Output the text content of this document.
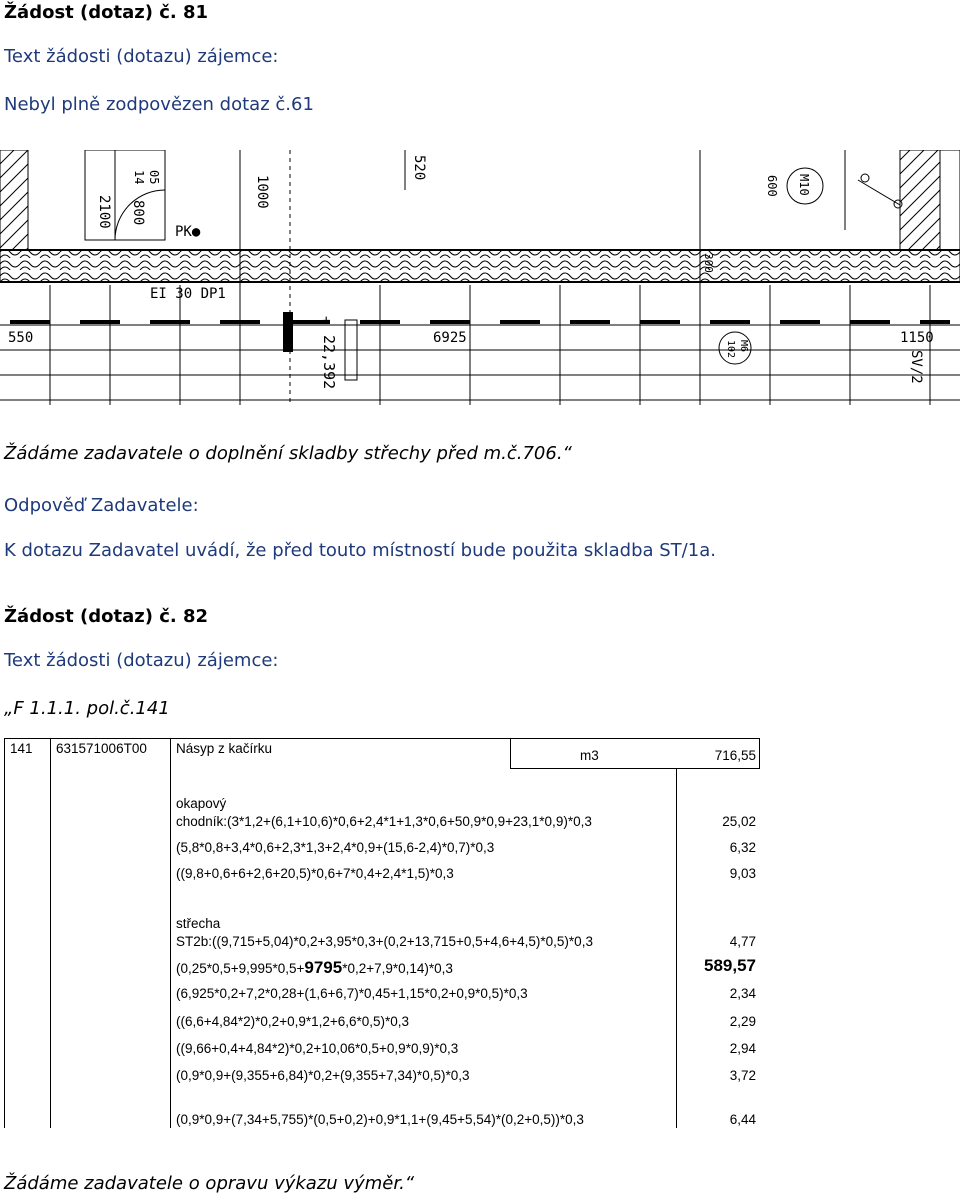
Žádost (dotaz) č. 81
Text žádosti (dotazu) zájemce:
Nebyl plně zodpovězen dotaz č.61
05
14
2100 800
1000
PK●
EI 30 DP1
550	22,392
+
6925
520
600 M10
300
1150
SV/2
102 M6
Žádáme zadavatele o doplnění skladby střechy před m.č.706.“
Odpověď Zadavatele:
K dotazu Zadavatel uvádí, že před touto místností bude použita skladba ST/1a.
Žádost (dotaz) č. 82
Text žádosti (dotazu) zájemce:
„F 1.1.1. pol.č.141
141 631571006T00 Násyp z kačírku	m3	716,55
okapový
chodník:(3*1,2+(6,1+10,6)*0,6+2,4*1+1,3*0,6+50,9*0,9+23,1*0,9)*0,3	25,02
(5,8*0,8+3,4*0,6+2,3*1,3+2,4*0,9+(15,6-2,4)*0,7)*0,3	6,32
((9,8+0,6+6+2,6+20,5)*0,6+7*0,4+2,4*1,5)*0,3	9,03
střecha
ST2b:((9,715+5,04)*0,2+3,95*0,3+(0,2+13,715+0,5+4,6+4,5)*0,5)*0,3	4,77
(0,25*0,5+9,995*0,5+9795*0,2+7,9*0,14)*0,3	589,57
(6,925*0,2+7,2*0,28+(1,6+6,7)*0,45+1,15*0,2+0,9*0,5)*0,3	2,34
((6,6+4,84*2)*0,2+0,9*1,2+6,6*0,5)*0,3	2,29
((9,66+0,4+4,84*2)*0,2+10,06*0,5+0,9*0,9)*0,3	2,94
(0,9*0,9+(9,355+6,84)*0,2+(9,355+7,34)*0,5)*0,3	3,72
(0,9*0,9+(7,34+5,755)*(0,5+0,2)+0,9*1,1+(9,45+5,54)*(0,2+0,5))*0,3	6,44
Žádáme zadavatele o opravu výkazu výměr.“
